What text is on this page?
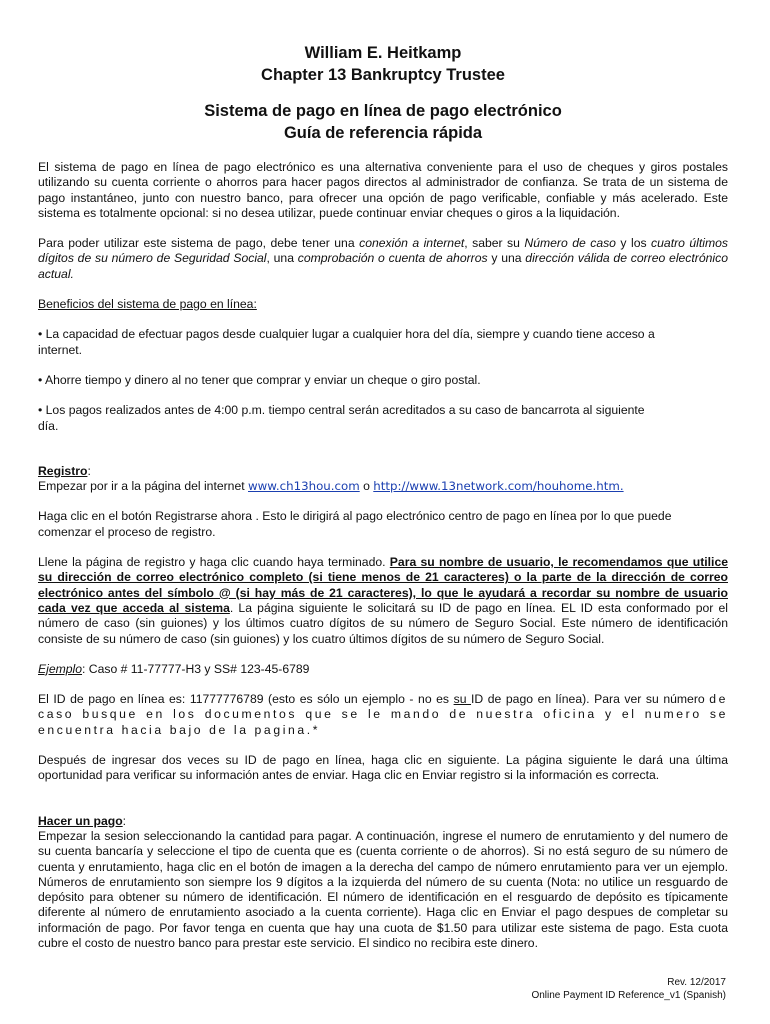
William E. Heitkamp

Chapter 13 Bankruptcy Trustee

Sistema de pago en línea de pago electrónico

Guía de referencia rápida

El sistema de pago en línea de pago electrónico es una alternativa conveniente para el uso de cheques y giros postales utilizando su cuenta corriente o ahorros para hacer pagos directos al administrador de confianza. Se trata de un sistema de pago instantáneo, junto con nuestro banco, para ofrecer una opción de pago verificable, confiable y más acelerado. Este sistema es totalmente opcional: si no desea utilizar, puede continuar enviar cheques o giros a la liquidación.

Para poder utilizar este sistema de pago, debe tener una conexión a internet, saber su Número de caso y los cuatro últimos dígitos de su número de Seguridad Social, una comprobación o cuenta de ahorros y una dirección válida de correo electrónico actual.

Beneficios del sistema de pago en línea:

• La capacidad de efectuar pagos desde cualquier lugar a cualquier hora del día, siempre y cuando tiene acceso a internet.

• Ahorre tiempo y dinero al no tener que comprar y enviar un cheque o giro postal.

• Los pagos realizados antes de 4:00 p.m. tiempo central serán acreditados a su caso de bancarrota al siguiente día.

Registro:

Empezar por ir a la página del internet www.ch13hou.com o http://www.13network.com/houhome.htm.

Haga clic en el botón Registrarse ahora . Esto le dirigirá al pago electrónico centro de pago en línea por lo que puede comenzar el proceso de registro.

Llene la página de registro y haga clic cuando haya terminado. Para su nombre de usuario, le recomendamos que utilice su dirección de correo electrónico completo (si tiene menos de 21 caracteres) o la parte de la dirección de correo electrónico antes del símbolo @ (si hay más de 21 caracteres), lo que le ayudará a recordar su nombre de usuario cada vez que acceda al sistema. La página siguiente le solicitará su ID de pago en línea. EL ID esta conformado por el número de caso (sin guiones) y los últimos cuatro dígitos de su número de Seguro Social. Este número de identificación consiste de su número de caso (sin guiones) y los cuatro últimos dígitos de su número de Seguro Social.

Ejemplo: Caso # 11-77777-H3 y SS# 123-45-6789

El ID de pago en línea es: 11777776789 (esto es sólo un ejemplo - no es su ID de pago en línea). Para ver su número de caso busque en los documentos que se le mando de nuestra oficina y el numero se encuentra hacia bajo de la pagina.*

Después de ingresar dos veces su ID de pago en línea, haga clic en siguiente. La página siguiente le dará una última oportunidad para verificar su información antes de enviar. Haga clic en Enviar registro si la información es correcta.

Hacer un pago:

Empezar la sesion seleccionando la cantidad para pagar. A continuación, ingrese el numero de enrutamiento y del numero de su cuenta bancaría y seleccione el tipo de cuenta que es (cuenta corriente o de ahorros). Si no está seguro de su número de cuenta y enrutamiento, haga clic en el botón de imagen a la derecha del campo de número enrutamiento para ver un ejemplo. Números de enrutamiento son siempre los 9 dígitos a la izquierda del número de su cuenta (Nota: no utilice un resguardo de depósito para obtener su número de identificación. El número de identificación en el resguardo de depósito es típicamente diferente al número de enrutamiento asociado a la cuenta corriente). Haga clic en Enviar el pago despues de completar su información de pago. Por favor tenga en cuenta que hay una cuota de $1.50 para utilizar este sistema de pago. Esta cuota cubre el costo de nuestro banco para prestar este servicio. El sindico no recibira este dinero.

Rev. 12/2017
Online Payment ID Reference_v1 (Spanish)
